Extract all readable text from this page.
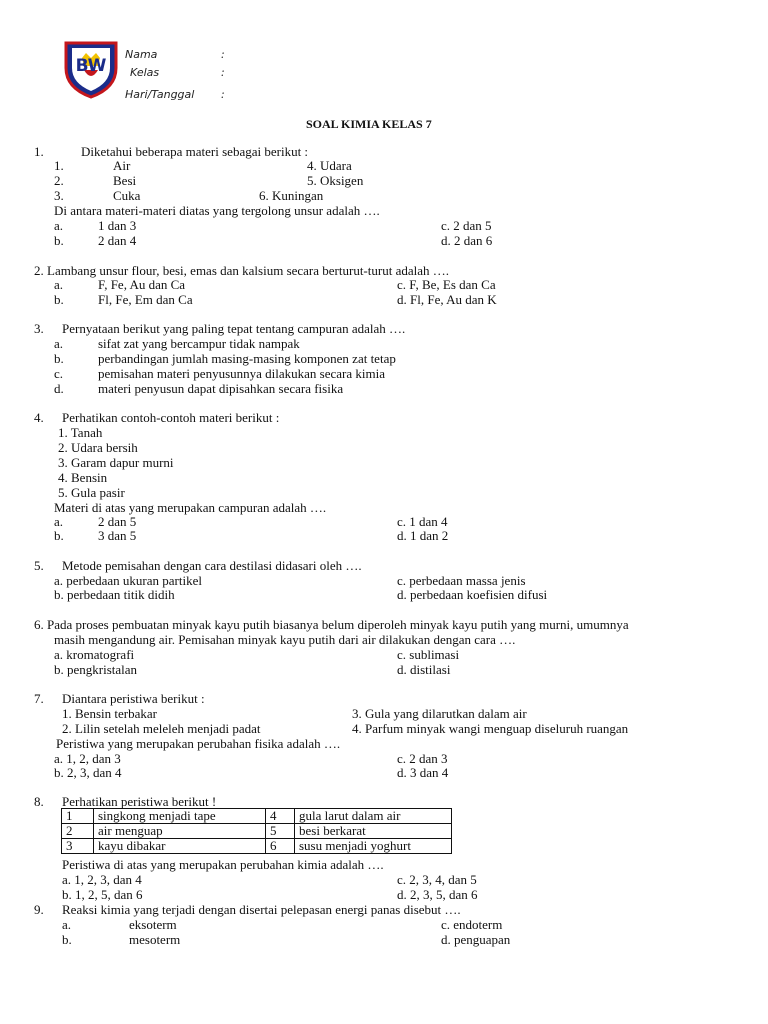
BW
Nama	:
Kelas	:
Hari/Tanggal :
SOAL KIMIA KELAS 7
1.	Diketahui beberapa materi sebagai berikut :
1.	Air	4. Udara
2.	Besi	5. Oksigen
3.	Cuka	6. Kuningan
Di antara materi-materi diatas yang tergolong unsur adalah ….
a.	1 dan 3	c. 2 dan 5
b.	2 dan 4	d. 2 dan 6
2. Lambang unsur flour, besi, emas dan kalsium secara berturut-turut adalah ….
a.	F, Fe, Au dan Ca	c. F, Be, Es dan Ca
b.	Fl, Fe, Em dan Ca	d. Fl, Fe, Au dan K
3. Pernyataan berikut yang paling tepat tentang campuran adalah ….
a.	sifat zat yang bercampur tidak nampak
b.	perbandingan jumlah masing-masing komponen zat tetap
c.	pemisahan materi penyusunnya dilakukan secara kimia
d.	materi penyusun dapat dipisahkan secara fisika
4. Perhatikan contoh-contoh materi berikut :
1. Tanah
2. Udara bersih
3. Garam dapur murni
4. Bensin
5. Gula pasir
Materi di atas yang merupakan campuran adalah ….
a.	2 dan 5	c. 1 dan 4
b.	3 dan 5	d. 1 dan 2
5. Metode pemisahan dengan cara destilasi didasari oleh ….
a. perbedaan ukuran partikel	c. perbedaan massa jenis
b. perbedaan titik didih	d. perbedaan koefisien difusi
6. Pada proses pembuatan minyak kayu putih biasanya belum diperoleh minyak kayu putih yang murni, umumnya
masih mengandung air. Pemisahan minyak kayu putih dari air dilakukan dengan cara ….
a. kromatografi	c. sublimasi
b. pengkristalan	d. distilasi
7. Diantara peristiwa berikut :
1. Bensin terbakar	3. Gula yang dilarutkan dalam air
2. Lilin setelah meleleh menjadi padat	4. Parfum minyak wangi menguap diseluruh ruangan
Peristiwa yang merupakan perubahan fisika adalah ….
a. 1, 2, dan 3	c. 2 dan 3
b. 2, 3, dan 4	d. 3 dan 4
8. Perhatikan peristiwa berikut !
1	singkong menjadi tape	4	gula larut dalam air
2	air menguap	5	besi berkarat
3	kayu dibakar	6	susu menjadi yoghurt
Peristiwa di atas yang merupakan perubahan kimia adalah ….
a. 1, 2, 3, dan 4	c. 2, 3, 4, dan 5
b. 1, 2, 5, dan 6	d. 2, 3, 5, dan 6
9. Reaksi kimia yang terjadi dengan disertai pelepasan energi panas disebut ….
a.	eksoterm	c. endoterm
b.	mesoterm	d. penguapan
